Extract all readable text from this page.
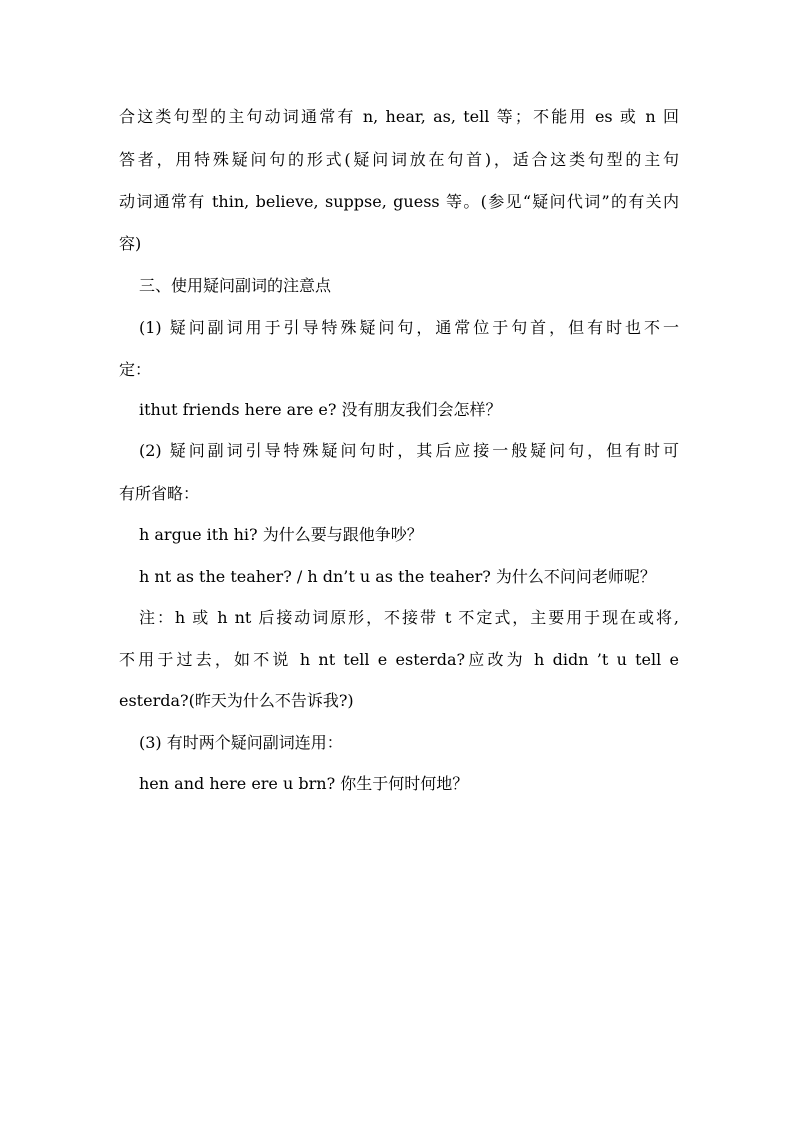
合这类句型的主句动词通常有 n, hear, as, tell 等；不能用 es 或 n 回
答者，用特殊疑问句的形式(疑问词放在句首)，适合这类句型的主句
动词通常有 thin, believe, suppse, guess 等。(参见“疑问代词”的有关内
容)
三、使用疑问副词的注意点
(1) 疑问副词用于引导特殊疑问句，通常位于句首，但有时也不一
定：
ithut friends here are e? 没有朋友我们会怎样？
(2) 疑问副词引导特殊疑问句时，其后应接一般疑问句，但有时可
有所省略：
h argue ith hi? 为什么要与跟他争吵？
h nt as the teaher? / h dn’t u as the teaher? 为什么不问问老师呢？
注：h 或 h nt 后接动词原形，不接带 t 不定式，主要用于现在或将,
不用于过去，如不说 h nt tell e esterda?应改为 h didn ’t u tell e
esterda?(昨天为什么不告诉我?)
(3) 有时两个疑问副词连用：
hen and here ere u brn? 你生于何时何地？
